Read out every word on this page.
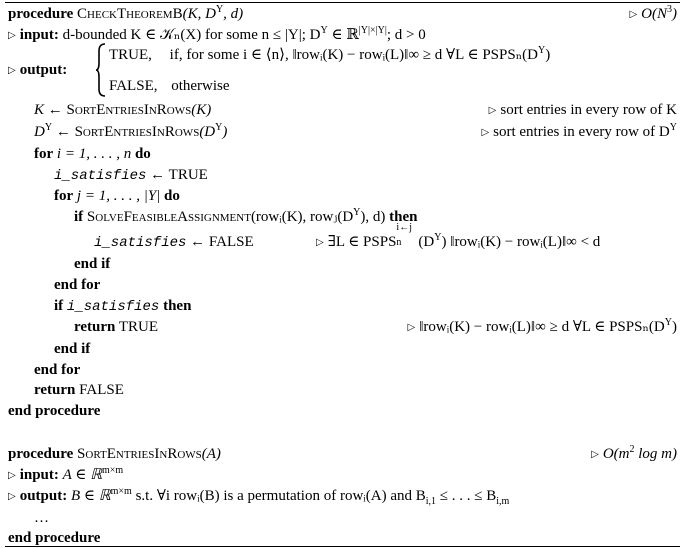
procedure CheckTheoremB(K, $D^Y$, d)	▷ $O(N^3)$
▷ input: d-bounded K ∈ 𝒦ₙ(X) for some n ≤ |Y|; $D^Y$ ∈ ℝ$^{|Y|\times|Y|}$; d > 0
▷ output:
TRUE, if, for some i ∈ ⟨n⟩, ‖rowᵢ(K) − rowᵢ(L)‖∞ ≥ d ∀L ∈ $PSPS_n(D^Y)$
FALSE, otherwise
K ← SortEntriesInRows(K)	▷ sort entries in every row of K
$D^Y$ ← $SortEntriesInRows(D^Y)$	▷ sort entries in every row of $D^Y$
for i = 1, . . . , n do
i_satisfies ← TRUE
for j = 1, . . . , |Y| do
if SolveFeasibleAssignment(rowᵢ(K), $rowⱼ(D^Y)$, d) then
i_satisfies ← FALSE	▷ ∃L ∈ PSPS
i←j
n $(D^Y)$ ‖rowᵢ(K) − rowᵢ(L)‖∞ < d
end if
end for
if i_satisfies then
return TRUE	▷ ‖rowᵢ(K) − rowᵢ(L)‖∞ ≥ d ∀L ∈ $PSPS_n(D^Y)$
end if
end for
return FALSE
end procedure
procedure SortEntriesInRows(A)	▷ $O(m^2$ log m)
▷ input: A ∈ ℝ$^{m\times m}$
▷ output: B ∈ ℝ$^{m\times m}$ s.t. ∀i rowᵢ(B) is a permutation of rowᵢ(A) and $B_{i,1}$ ≤ . . . ≤ $B_{i,m}$
…
end procedure
